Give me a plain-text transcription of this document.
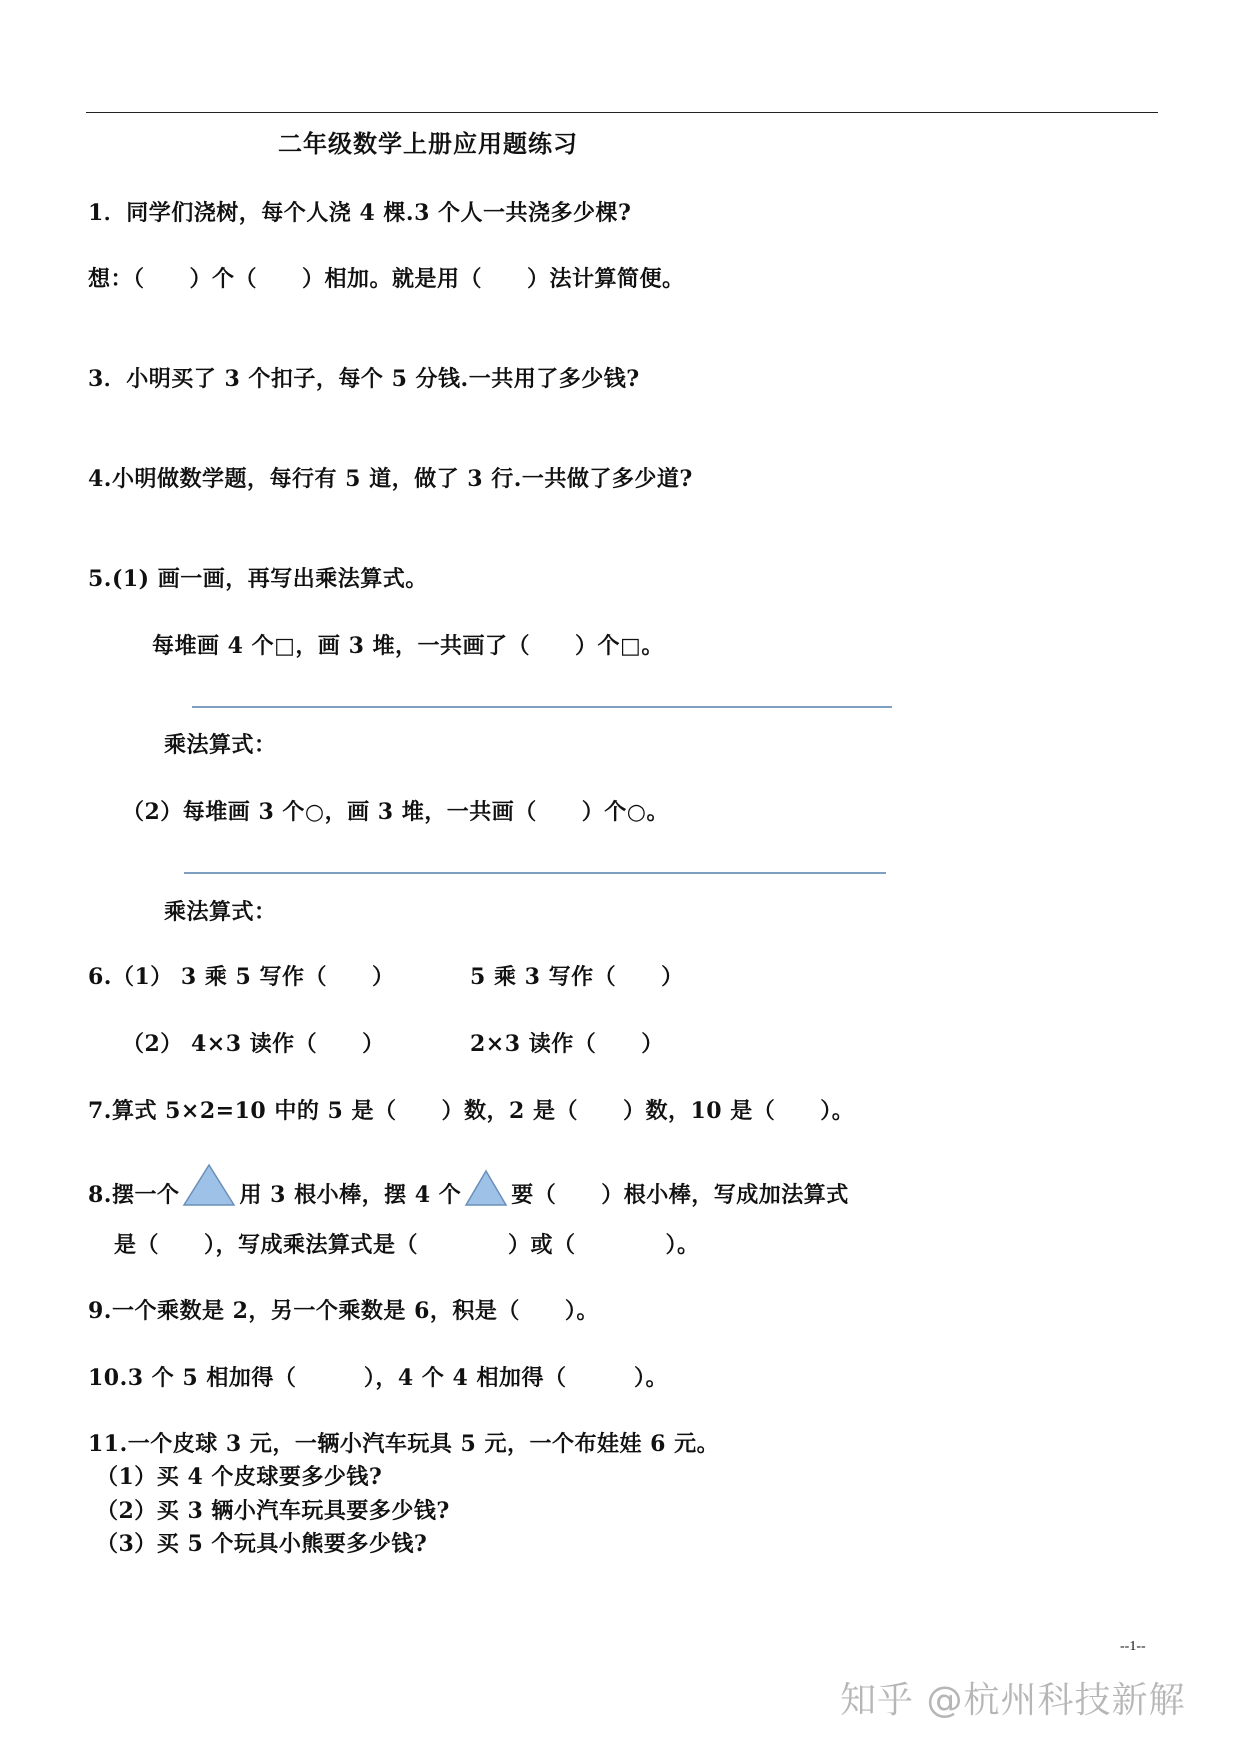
二年级数学上册应用题练习
1．同学们浇树，每个人浇 4 棵.3 个人一共浇多少棵?
想：（　　）个（　　）相加。就是用（　　）法计算简便。
3．小明买了 3 个扣子，每个 5 分钱.一共用了多少钱?
4.小明做数学题，每行有 5 道，做了 3 行.一共做了多少道?
5.(1) 画一画，再写出乘法算式。
每堆画 4 个□，画 3 堆，一共画了（　　）个□。
乘法算式：
（2）每堆画 3 个○，画 3 堆，一共画（　　）个○。
乘法算式：
6.（1） 3 乘 5 写作（　　）	5 乘 3 写作（　　）
（2） 4×3 读作（　　）	2×3 读作（　　）
7.算式 5×2=10 中的 5 是（　　）数，2 是（　　）数，10 是（　　）。
8.摆一个	用 3 根小棒，摆 4 个 要（　　）根小棒，写成加法算式
是（　　），写成乘法算式是（　　　　）或（　　　　）。
9.一个乘数是 2，另一个乘数是 6，积是（　　）。
10.3 个 5 相加得（　　　），4 个 4 相加得（　　　）。
11.一个皮球 3 元，一辆小汽车玩具 5 元，一个布娃娃 6 元。
（1）买 4 个皮球要多少钱?
（2）买 3 辆小汽车玩具要多少钱?
（3）买 5 个玩具小熊要多少钱?
--1--
知乎 @杭州科技新解
